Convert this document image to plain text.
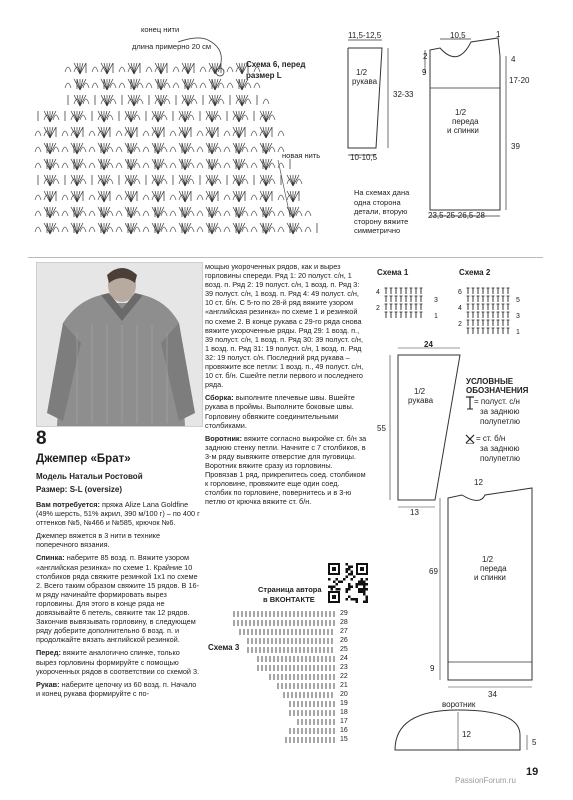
конец нити
длина примерно 20 см
Схема 6, перед
размер L
новая нить
11,5-12,5
1/2
рукава
32-33
10-10,5
2
9
10,5	1
4
17-20
1/2
переда
и спинки
39
23,5-25-26,5-28
На схемах дана
одна сторона
детали, вторую
сторону вяжите
симметрично
8
Джемпер «Брат»
Модель Натальи Ростовой
Размер: S-L (oversize)

Вам потребуется: пряжа Alize Lana Goldfine (49% шерсть, 51% акрил, 390 м/100 г) – по 400 г оттенков №5, №466 и №585, крючок №6.

Джемпер вяжется в 3 нити в технике поперечного вязания.

Спинка: наберите 85 возд. п. Вяжите узором «английская резинка» по схеме 1. Крайние 10 столбиков ряда свяжите резинкой 1х1 по схеме 2. Всего таким образом свяжите 15 рядов. В 16-м ряду начинайте формировать вырез горловины. Для этого в конце ряда не довязывайте 6 петель, свяжите так 12 рядов. Закончив вывязывать горловину, в следующем ряду доберите дополнительно 6 возд. п. и продолжайте вязать английской резинкой.

Перед: вяжите аналогично спинке, только вырез горловины формируйте с помощью укороченных рядов в соответствии со схемой 3.

Рукав: наберите цепочку из 60 возд. п. Начало и конец рукава формируйте с по-

мощью укороченных рядов, как и вырез горловины спереди. Ряд 1: 20 полуст. с/н, 1 возд. п. Ряд 2: 19 полуст. с/н, 1 возд. п. Ряд 3: 39 полуст. с/н, 1 возд. п. Ряд 4: 49 полуст. с/н, 10 ст. б/н. С 5-го по 28-й ряд вяжите узором «английская резинка» по схеме 1 и резинкой по схеме 2. В конце рукава с 29-го ряда снова вяжите укороченные ряды. Ряд 29: 1 возд. п., 39 полуст. с/н, 1 возд. п. Ряд 30: 39 полуст. с/н, 1 возд. п. Ряд 31: 19 полуст. с/н, 1 возд. п. Ряд 32: 19 полуст. с/н. Последний ряд рукава – провяжите все петли: 1 возд. п., 49 полуст. с/н, 10 ст. б/н. Сшейте петли первого и последнего ряда.

Сборка: выполните плечевые швы. Вшейте рукава в проймы. Выполните боковые швы. Горловину обвяжите соединительными столбиками.

Воротник: вяжите согласно выкройке ст. б/н за заднюю стенку петли. Начните с 7 столбиков, в 3-м ряду вывяжите отверстие для пуговицы. Воротник вяжите сразу из горловины. Провязав 1 ряд, прикрепитесь соед. столбиком к горловине, провяжите еще один соед. столбик по горловине, повернитесь и в 3-ю петлю от крючка вяжите ст. б/н.

Страница автора
в ВКОНТАКТЕ
Схема 3
29
28
27
26
25
24
23
22
21
20
19
18
17
16
15
Схема 1
4
3
2
1
Схема 2
6
5
4
3
2
1
24
1/2
рукава
55
13
12
1/2
переда
и спинки
69
9
34
воротник
12
5
УСЛОВНЫЕ
ОБОЗНАЧЕНИЯ
= полуст. с/н
за заднюю
полупетлю
= ст. б/н
за заднюю
полупетлю
PassionForum.ru
19
